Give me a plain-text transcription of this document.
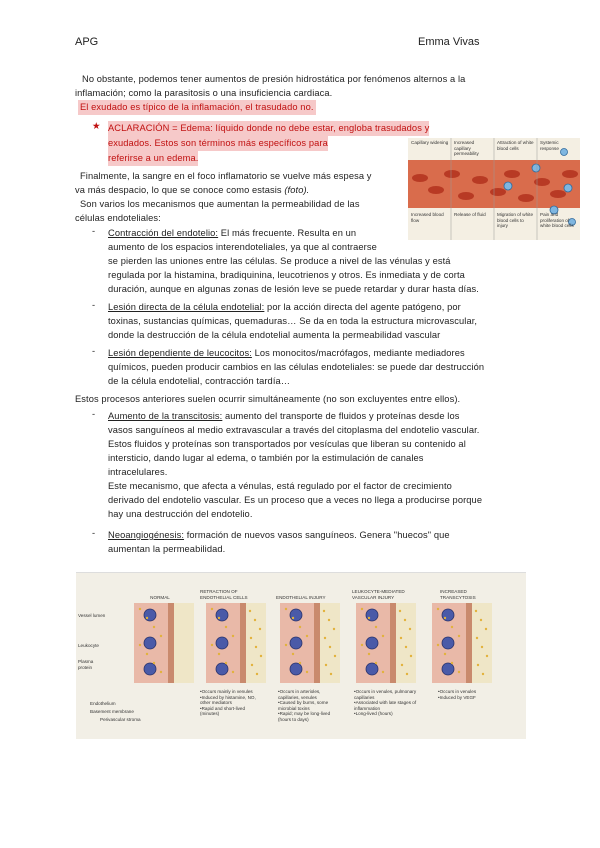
APG	Emma Vivas
No obstante, podemos tener aumentos de presión hidrostática por fenómenos alternos a la
inflamación; como la parasitosis o una insuficiencia cardiaca.
El exudado es típico de la inflamación, el trasudado no.
★ ACLARACIÓN = Edema: líquido donde no debe estar, engloba trasudados y
exudados. Estos son términos más específicos para
referirse a un edema.
Capillary widening Increased capillary permeability
Attraction of white blood cells
Systemic response
Increased blood flow
Release of fluid	Migration of white blood cells to injury
Pain and proliferation of white blood cells
Finalmente, la sangre en el foco inflamatorio se vuelve más espesa y
va más despacio, lo que se conoce como estasis (foto).
Son varios los mecanismos que aumentan la permeabilidad de las
células endoteliales:
- Contracción del endotelio: El más frecuente. Resulta en un
aumento de los espacios interendoteliales, ya que al contraerse
se pierden las uniones entre las células. Se produce a nivel de las vénulas y está
regulada por la histamina, bradiquinina, leucotrienos y otros. Es inmediata y de corta
duración, aunque en algunas zonas de lesión leve se puede retardar y durar hasta días.
- Lesión directa de la célula endotelial: por la acción directa del agente patógeno, por
toxinas, sustancias químicas, quemaduras… Se da en toda la estructura microvascular,
donde la destrucción de la célula endotelial aumenta la permeabilidad vascular
- Lesión dependiente de leucocitos: Los monocitos/macrófagos, mediante mediadores
químicos, pueden producir cambios en las células endoteliales: se puede dar destrucción
de la célula endotelial, contracción tardía…
Estos procesos anteriores suelen ocurrir simultáneamente (no son excluyentes entre ellos).
- Aumento de la transcitosis: aumento del transporte de fluidos y proteínas desde los
vasos sanguíneos al medio extravascular a través del citoplasma del endotelio vascular.
Estos fluidos y proteínas son transportados por vesículas que liberan su contenido al
intersticio, dando lugar al edema, o también por la estimulación de canales
intracelulares.
Este mecanismo, que afecta a vénulas, está regulado por el factor de crecimiento
derivado del endotelio vascular. Es un proceso que a veces no llega a producirse porque
hay una destrucción del endotelio.
- Neoangiogénesis: formación de nuevos vasos sanguíneos. Genera "huecos" que
aumentan la permeabilidad.
Vessel lumen
Leukocyte
Plasma protein
Endothelium
Basement membrane
Perivascular stroma
NORMAL
RETRACTION OF ENDOTHELIAL CELLS	ENDOTHELIAL INJURY
LEUKOCYTE-MEDIATED VASCULAR INJURY
INCREASED TRANSCYTOSIS
•Occurs mainly in venules
•Induced by histamine, NO, other mediators
•Rapid and short-lived (minutes)
•Occurs in arterioles, capillaries, venules
•Caused by burns, some microbial toxins
•Rapid; may be long-lived (hours to days)
•Occurs in venules, pulmonary capillaries
•Associated with late stages of inflammation
•Long-lived (hours)
•Occurs in venules
•Induced by VEGF
